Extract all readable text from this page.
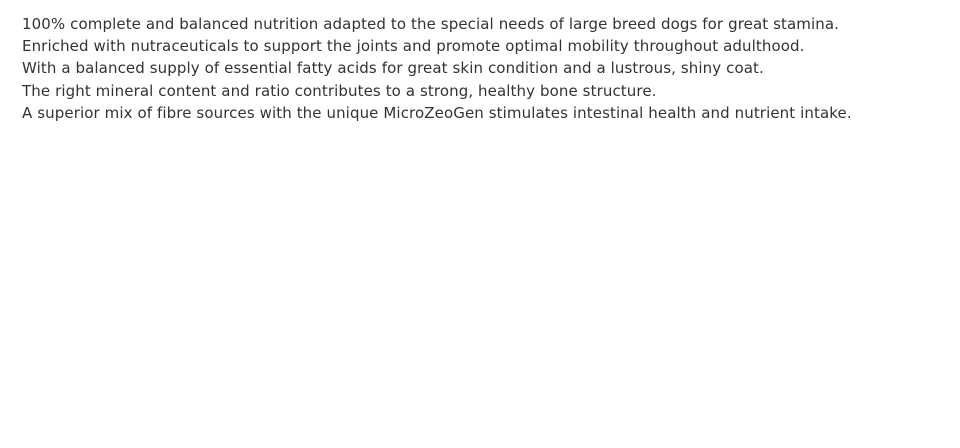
100% complete and balanced nutrition adapted to the special needs of large breed dogs for great stamina.

Enriched with nutraceuticals to support the joints and promote optimal mobility throughout adulthood.

With a balanced supply of essential fatty acids for great skin condition and a lustrous, shiny coat.

The right mineral content and ratio contributes to a strong, healthy bone structure.

A superior mix of fibre sources with the unique MicroZeoGen stimulates intestinal health and nutrient intake.
